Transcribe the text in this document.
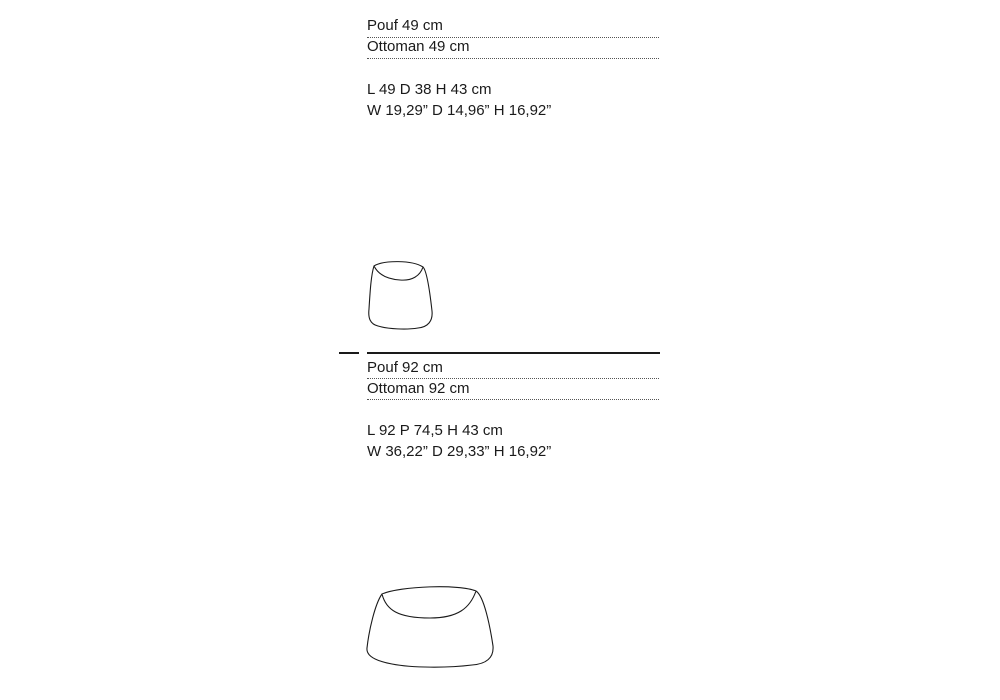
Pouf 49 cm
Ottoman 49 cm
L 49 D 38 H 43 cm
W 19,29” D 14,96” H 16,92”
Pouf 92 cm
Ottoman 92 cm
L 92 P 74,5 H 43 cm
W 36,22” D 29,33” H 16,92”
